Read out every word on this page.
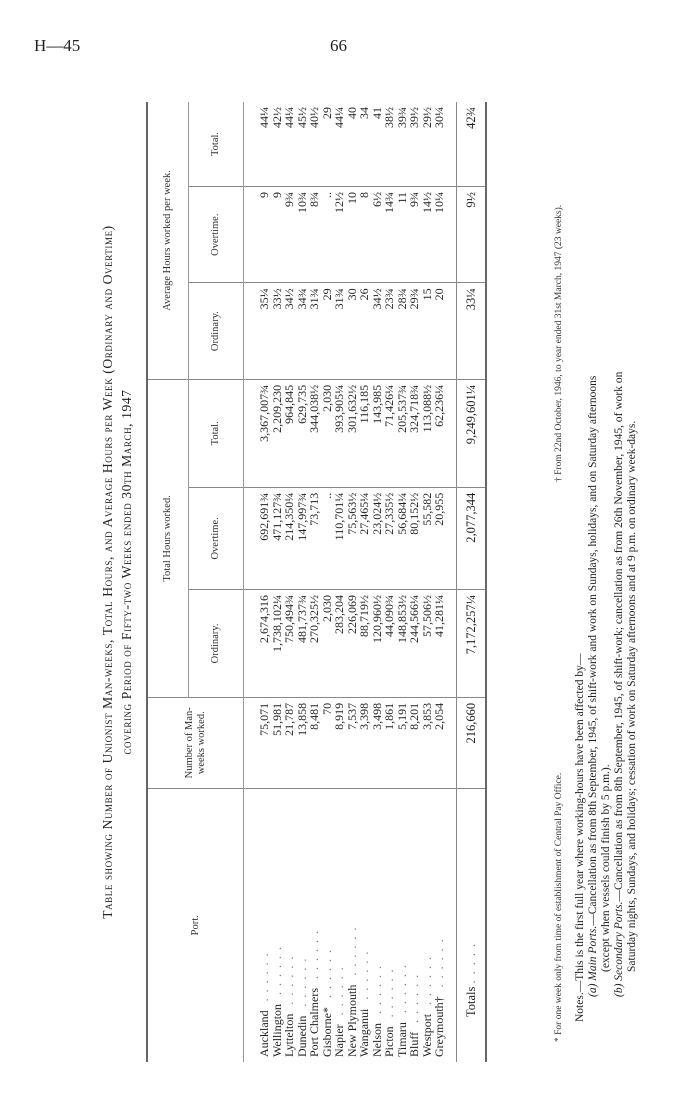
H—45	66
Table showing Number of Unionist Man-weeks, Total Hours, and Average Hours per Week (Ordinary and Overtime) covering Period of Fifty-two Weeks ended 30th March, 1947
Port.	Number of Man-weeks worked.	Total Hours worked.			Average Hours worked per week.		
		Ordinary.	Overtime.	Total.	Ordinary.	Overtime.	Total.
Auckland ......	75,071	2,674,316	692,691¾	3,367,007¾	35¼	9	44¼
Wellington ......	51,981	1,738,102¼	471,127¾	2,209,230	33½	9	42½
Lyttelton ......	21,787	750,494¾	214,350¼	964,845	34½	9¾	44¼
Dunedin ......	13,858	481,737¾	147,997¾	629,735	34¾	10¾	45½
Port Chalmers ......	8,481	270,325½	73,713	344,038½	31¾	8¾	40½
Gisborne* ......	70	2,030	..	2,030	29	..	29
Napier ......	8,919	283,204	110,701¼	393,905¼	31¾	12½	44¼
New Plymouth ......	7,537	226,069	75,563½	301,632½	30	10	40
Wanganui ......	3,398	88,719½	27,465¼	116,185	26	8	34
Nelson ......	3,498	120,960½	23,024½	143,985	34½	6½	41
Picton ......	1,861	44,090¾	27,335½	71,426¼	23¾	14¾	38½
Timaru ......	5,191	148,853½	56,684¼	205,537¾	28¾	11	39¾
Bluff ......	8,201	244,566¼	80,152½	324,718¾	29¾	9¾	39½
Westport ......	3,853	57,506½	55,582	113,088½	15	14½	29½
Greymouth† ......	2,054	41,281¼	20,955	62,236¼	20	10¼	30¼
Totals .....	216,660	7,172,257¼	2,077,344	9,249,601¼	33¼	9½	42¾
* For one week only from time of establishment of Central Pay Office.
† From 22nd October, 1946, to year ended 31st March, 1947 (23 weeks).

Notes.—This is the first full year where working-hours have been affected by— (a) Main Ports.—Cancellation as from 8th September, 1945, of shift-work and work on Sundays, holidays, and on Saturday afternoons (except when vessels could finish by 5 p.m.). (b) Secondary Ports.—Cancellation as from 8th September, 1945, of shift-work; cancellation as from 26th November, 1945, of work on Saturday nights, Sundays, and holidays; cessation of work on Saturday afternoons and at 9 p.m. on ordinary week-days.
